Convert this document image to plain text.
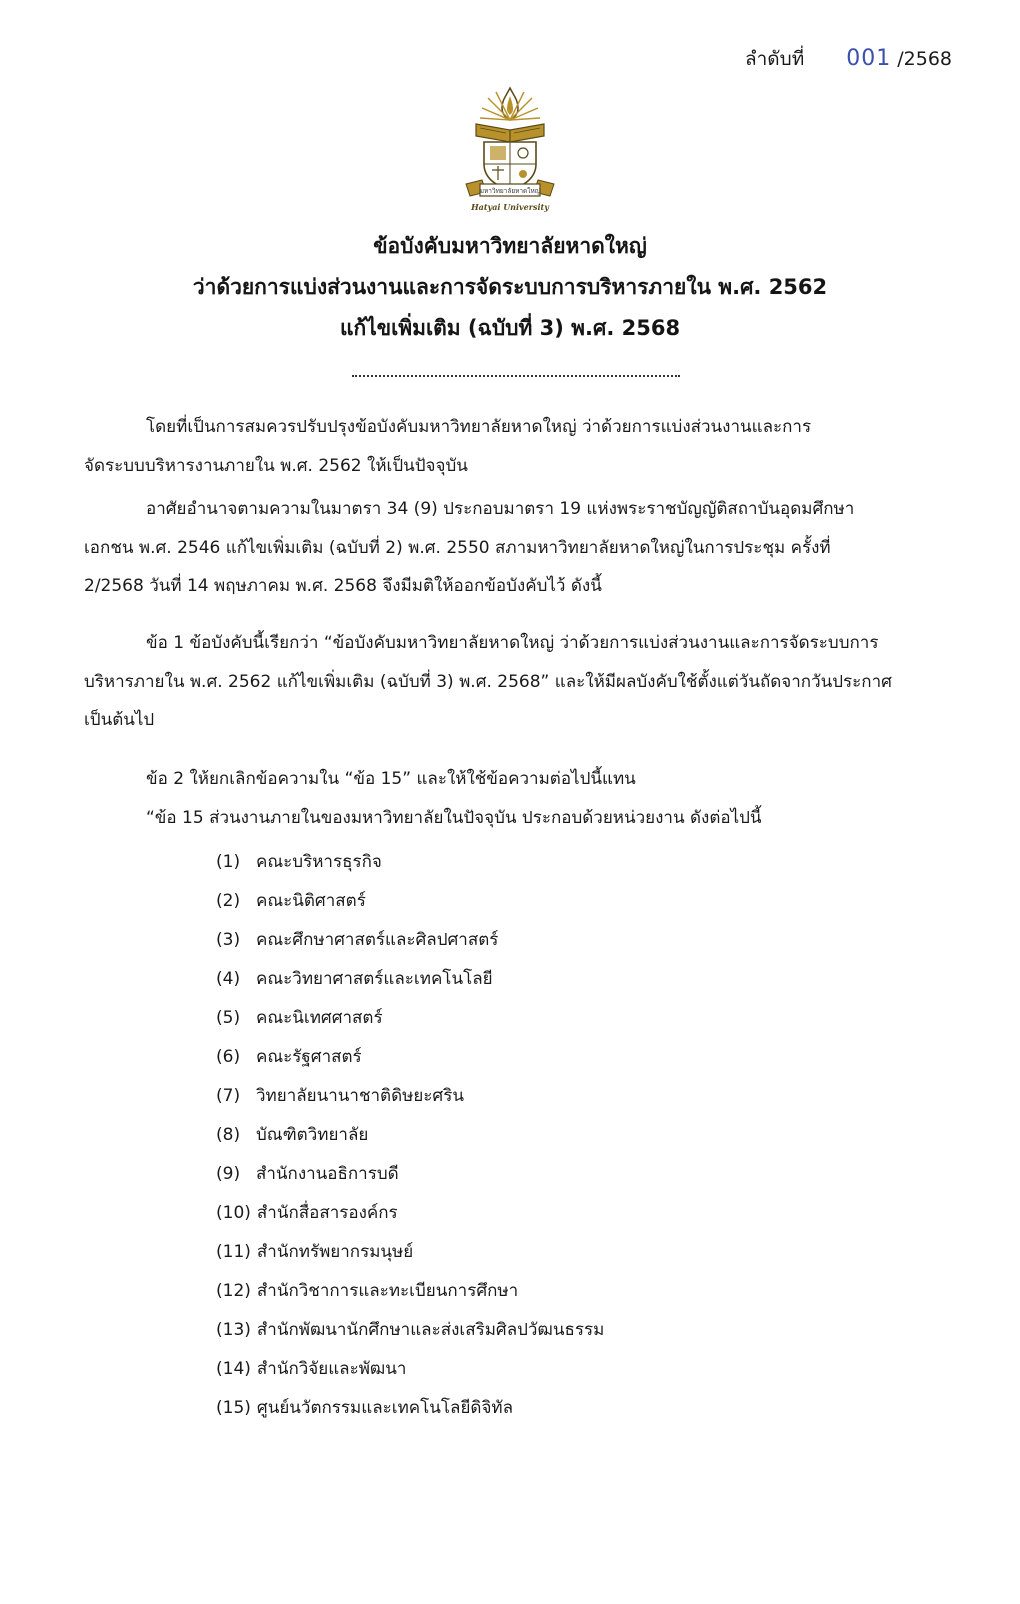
ลำดับที่ 001 /2568
มหาวิทยาลัยหาดใหญ่
Hatyai University
ข้อบังคับมหาวิทยาลัยหาดใหญ่
ว่าด้วยการแบ่งส่วนงานและการจัดระบบการบริหารภายใน พ.ศ. 2562
แก้ไขเพิ่มเติม (ฉบับที่ 3) พ.ศ. 2568
โดยที่เป็นการสมควรปรับปรุงข้อบังคับมหาวิทยาลัยหาดใหญ่ ว่าด้วยการแบ่งส่วนงานและการ
จัดระบบบริหารงานภายใน พ.ศ. 2562 ให้เป็นปัจจุบัน
อาศัยอำนาจตามความในมาตรา 34 (9) ประกอบมาตรา 19 แห่งพระราชบัญญัติสถาบันอุดมศึกษา
เอกชน พ.ศ. 2546 แก้ไขเพิ่มเติม (ฉบับที่ 2) พ.ศ. 2550 สภามหาวิทยาลัยหาดใหญ่ในการประชุม ครั้งที่
2/2568 วันที่ 14 พฤษภาคม พ.ศ. 2568 จึงมีมติให้ออกข้อบังคับไว้ ดังนี้
ข้อ 1 ข้อบังคับนี้เรียกว่า “ข้อบังคับมหาวิทยาลัยหาดใหญ่ ว่าด้วยการแบ่งส่วนงานและการจัดระบบการ
บริหารภายใน พ.ศ. 2562 แก้ไขเพิ่มเติม (ฉบับที่ 3) พ.ศ. 2568” และให้มีผลบังคับใช้ตั้งแต่วันถัดจากวันประกาศ
เป็นต้นไป
ข้อ 2 ให้ยกเลิกข้อความใน “ข้อ 15” และให้ใช้ข้อความต่อไปนี้แทน
“ข้อ 15 ส่วนงานภายในของมหาวิทยาลัยในปัจจุบัน ประกอบด้วยหน่วยงาน ดังต่อไปนี้
(1) คณะบริหารธุรกิจ
(2) คณะนิติศาสตร์
(3) คณะศึกษาศาสตร์และศิลปศาสตร์
(4) คณะวิทยาศาสตร์และเทคโนโลยี
(5) คณะนิเทศศาสตร์
(6) คณะรัฐศาสตร์
(7) วิทยาลัยนานาชาติดิษยะศริน
(8) บัณฑิตวิทยาลัย
(9) สำนักงานอธิการบดี
(10) สำนักสื่อสารองค์กร
(11) สำนักทรัพยากรมนุษย์
(12) สำนักวิชาการและทะเบียนการศึกษา
(13) สำนักพัฒนานักศึกษาและส่งเสริมศิลปวัฒนธรรม
(14) สำนักวิจัยและพัฒนา
(15) ศูนย์นวัตกรรมและเทคโนโลยีดิจิทัล
